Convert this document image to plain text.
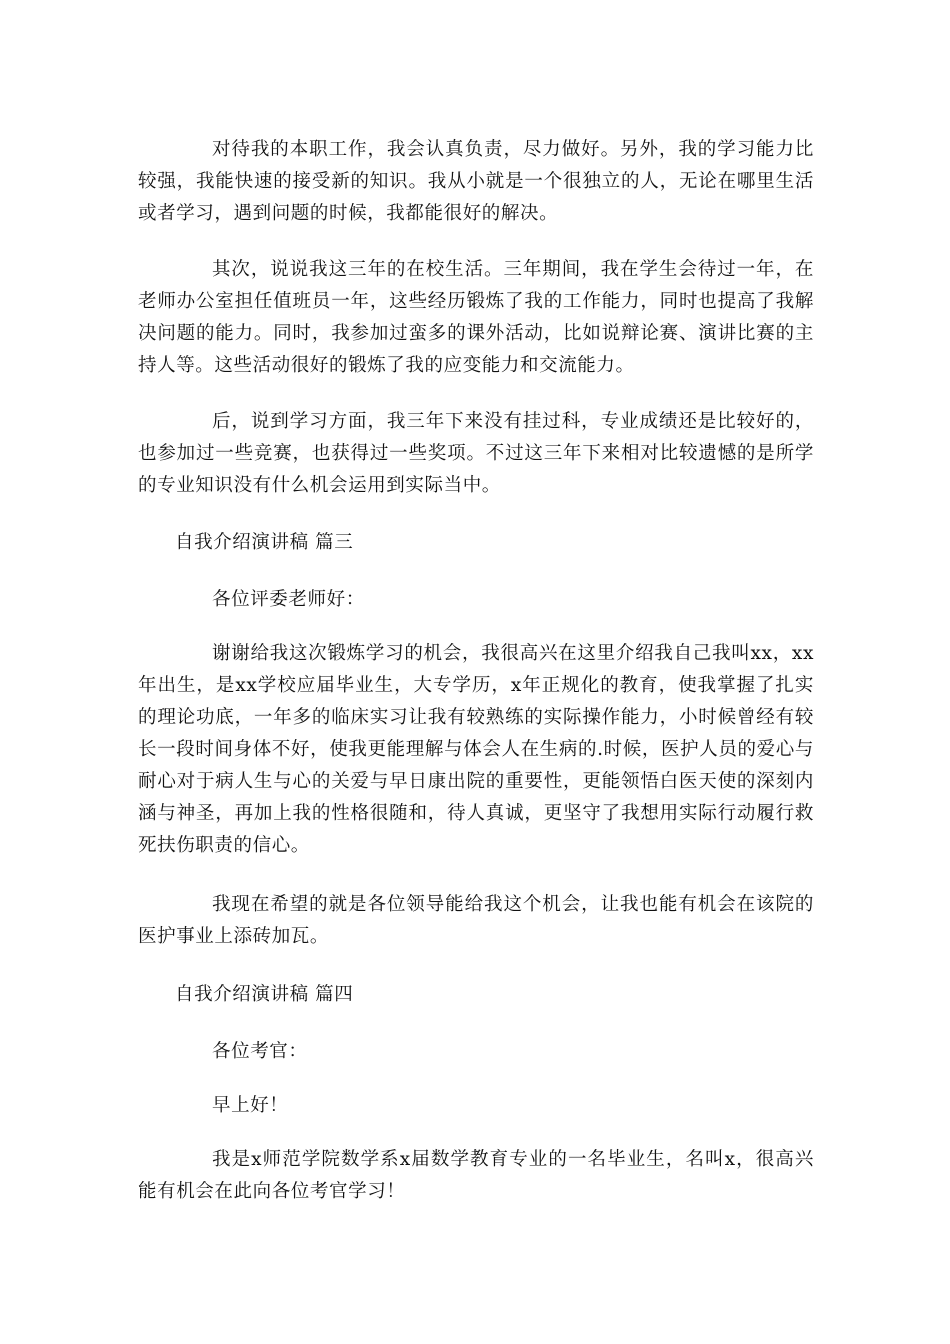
对待我的本职工作，我会认真负责，尽力做好。另外，我的学习能力比较强，我能快速的接受新的知识。我从小就是一个很独立的人，无论在哪里生活或者学习，遇到问题的时候，我都能很好的解决。

其次，说说我这三年的在校生活。三年期间，我在学生会待过一年，在老师办公室担任值班员一年，这些经历锻炼了我的工作能力，同时也提高了我解决问题的能力。同时，我参加过蛮多的课外活动，比如说辩论赛、演讲比赛的主持人等。这些活动很好的锻炼了我的应变能力和交流能力。

后，说到学习方面，我三年下来没有挂过科，专业成绩还是比较好的，也参加过一些竞赛，也获得过一些奖项。不过这三年下来相对比较遗憾的是所学的专业知识没有什么机会运用到实际当中。

自我介绍演讲稿 篇三

各位评委老师好：

谢谢给我这次锻炼学习的机会，我很高兴在这里介绍我自己我叫xx，xx年出生，是xx学校应届毕业生，大专学历，x年正规化的教育，使我掌握了扎实的理论功底，一年多的临床实习让我有较熟练的实际操作能力，小时候曾经有较长一段时间身体不好，使我更能理解与体会人在生病的.时候，医护人员的爱心与耐心对于病人生与心的关爱与早日康出院的重要性，更能领悟白医天使的深刻内涵与神圣，再加上我的性格很随和，待人真诚，更坚守了我想用实际行动履行救死扶伤职责的信心。

我现在希望的就是各位领导能给我这个机会，让我也能有机会在该院的医护事业上添砖加瓦。

自我介绍演讲稿 篇四

各位考官：

早上好！

我是x师范学院数学系x届数学教育专业的一名毕业生，名叫x，很高兴能有机会在此向各位考官学习！
